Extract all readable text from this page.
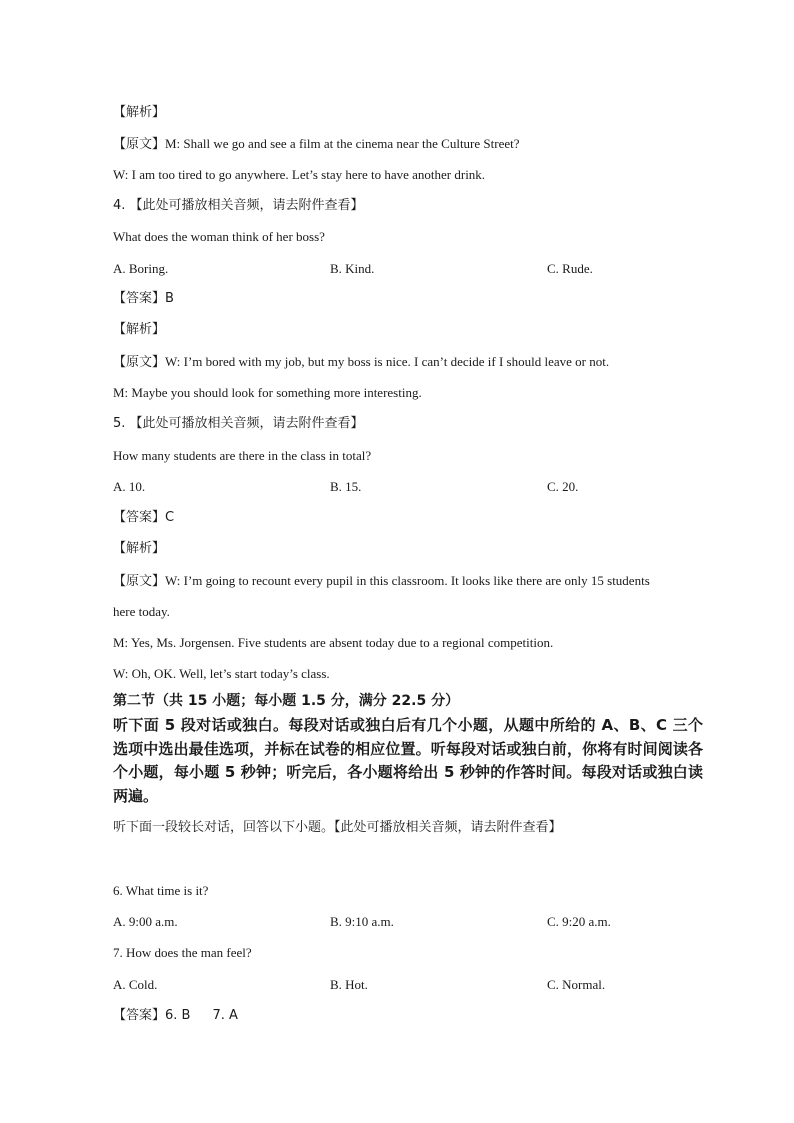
【解析】
【原文】M: Shall we go and see a film at the cinema near the Culture Street?
W: I am too tired to go anywhere. Let’s stay here to have another drink.
4. 【此处可播放相关音频，请去附件查看】
What does the woman think of her boss?
A. Boring.	B. Kind.	C. Rude.
【答案】B
【解析】
【原文】W: I’m bored with my job, but my boss is nice. I can’t decide if I should leave or not.
M: Maybe you should look for something more interesting.
5. 【此处可播放相关音频，请去附件查看】
How many students are there in the class in total?
A. 10.	B. 15.	C. 20.
【答案】C
【解析】
【原文】W: I’m going to recount every pupil in this classroom. It looks like there are only 15 students
here today.
M: Yes, Ms. Jorgensen. Five students are absent today due to a regional competition.
W: Oh, OK. Well, let’s start today’s class.
第二节（共 15 小题；每小题 1.5 分，满分 22.5 分）
听下面 5 段对话或独白。每段对话或独白后有几个小题，从题中所给的 A、B、C 三个选项中选出最佳选项，并标在试卷的相应位置。听每段对话或独白前，你将有时间阅读各个小题，每小题 5 秒钟；听完后，各小题将给出 5 秒钟的作答时间。每段对话或独白读两遍。
听下面一段较长对话，回答以下小题。【此处可播放相关音频，请去附件查看】
6. What time is it?
A. 9:00 a.m.	B. 9:10 a.m.	C. 9:20 a.m.
7. How does the man feel?
A. Cold.	B. Hot.	C. Normal.
【答案】6. B 7. A
